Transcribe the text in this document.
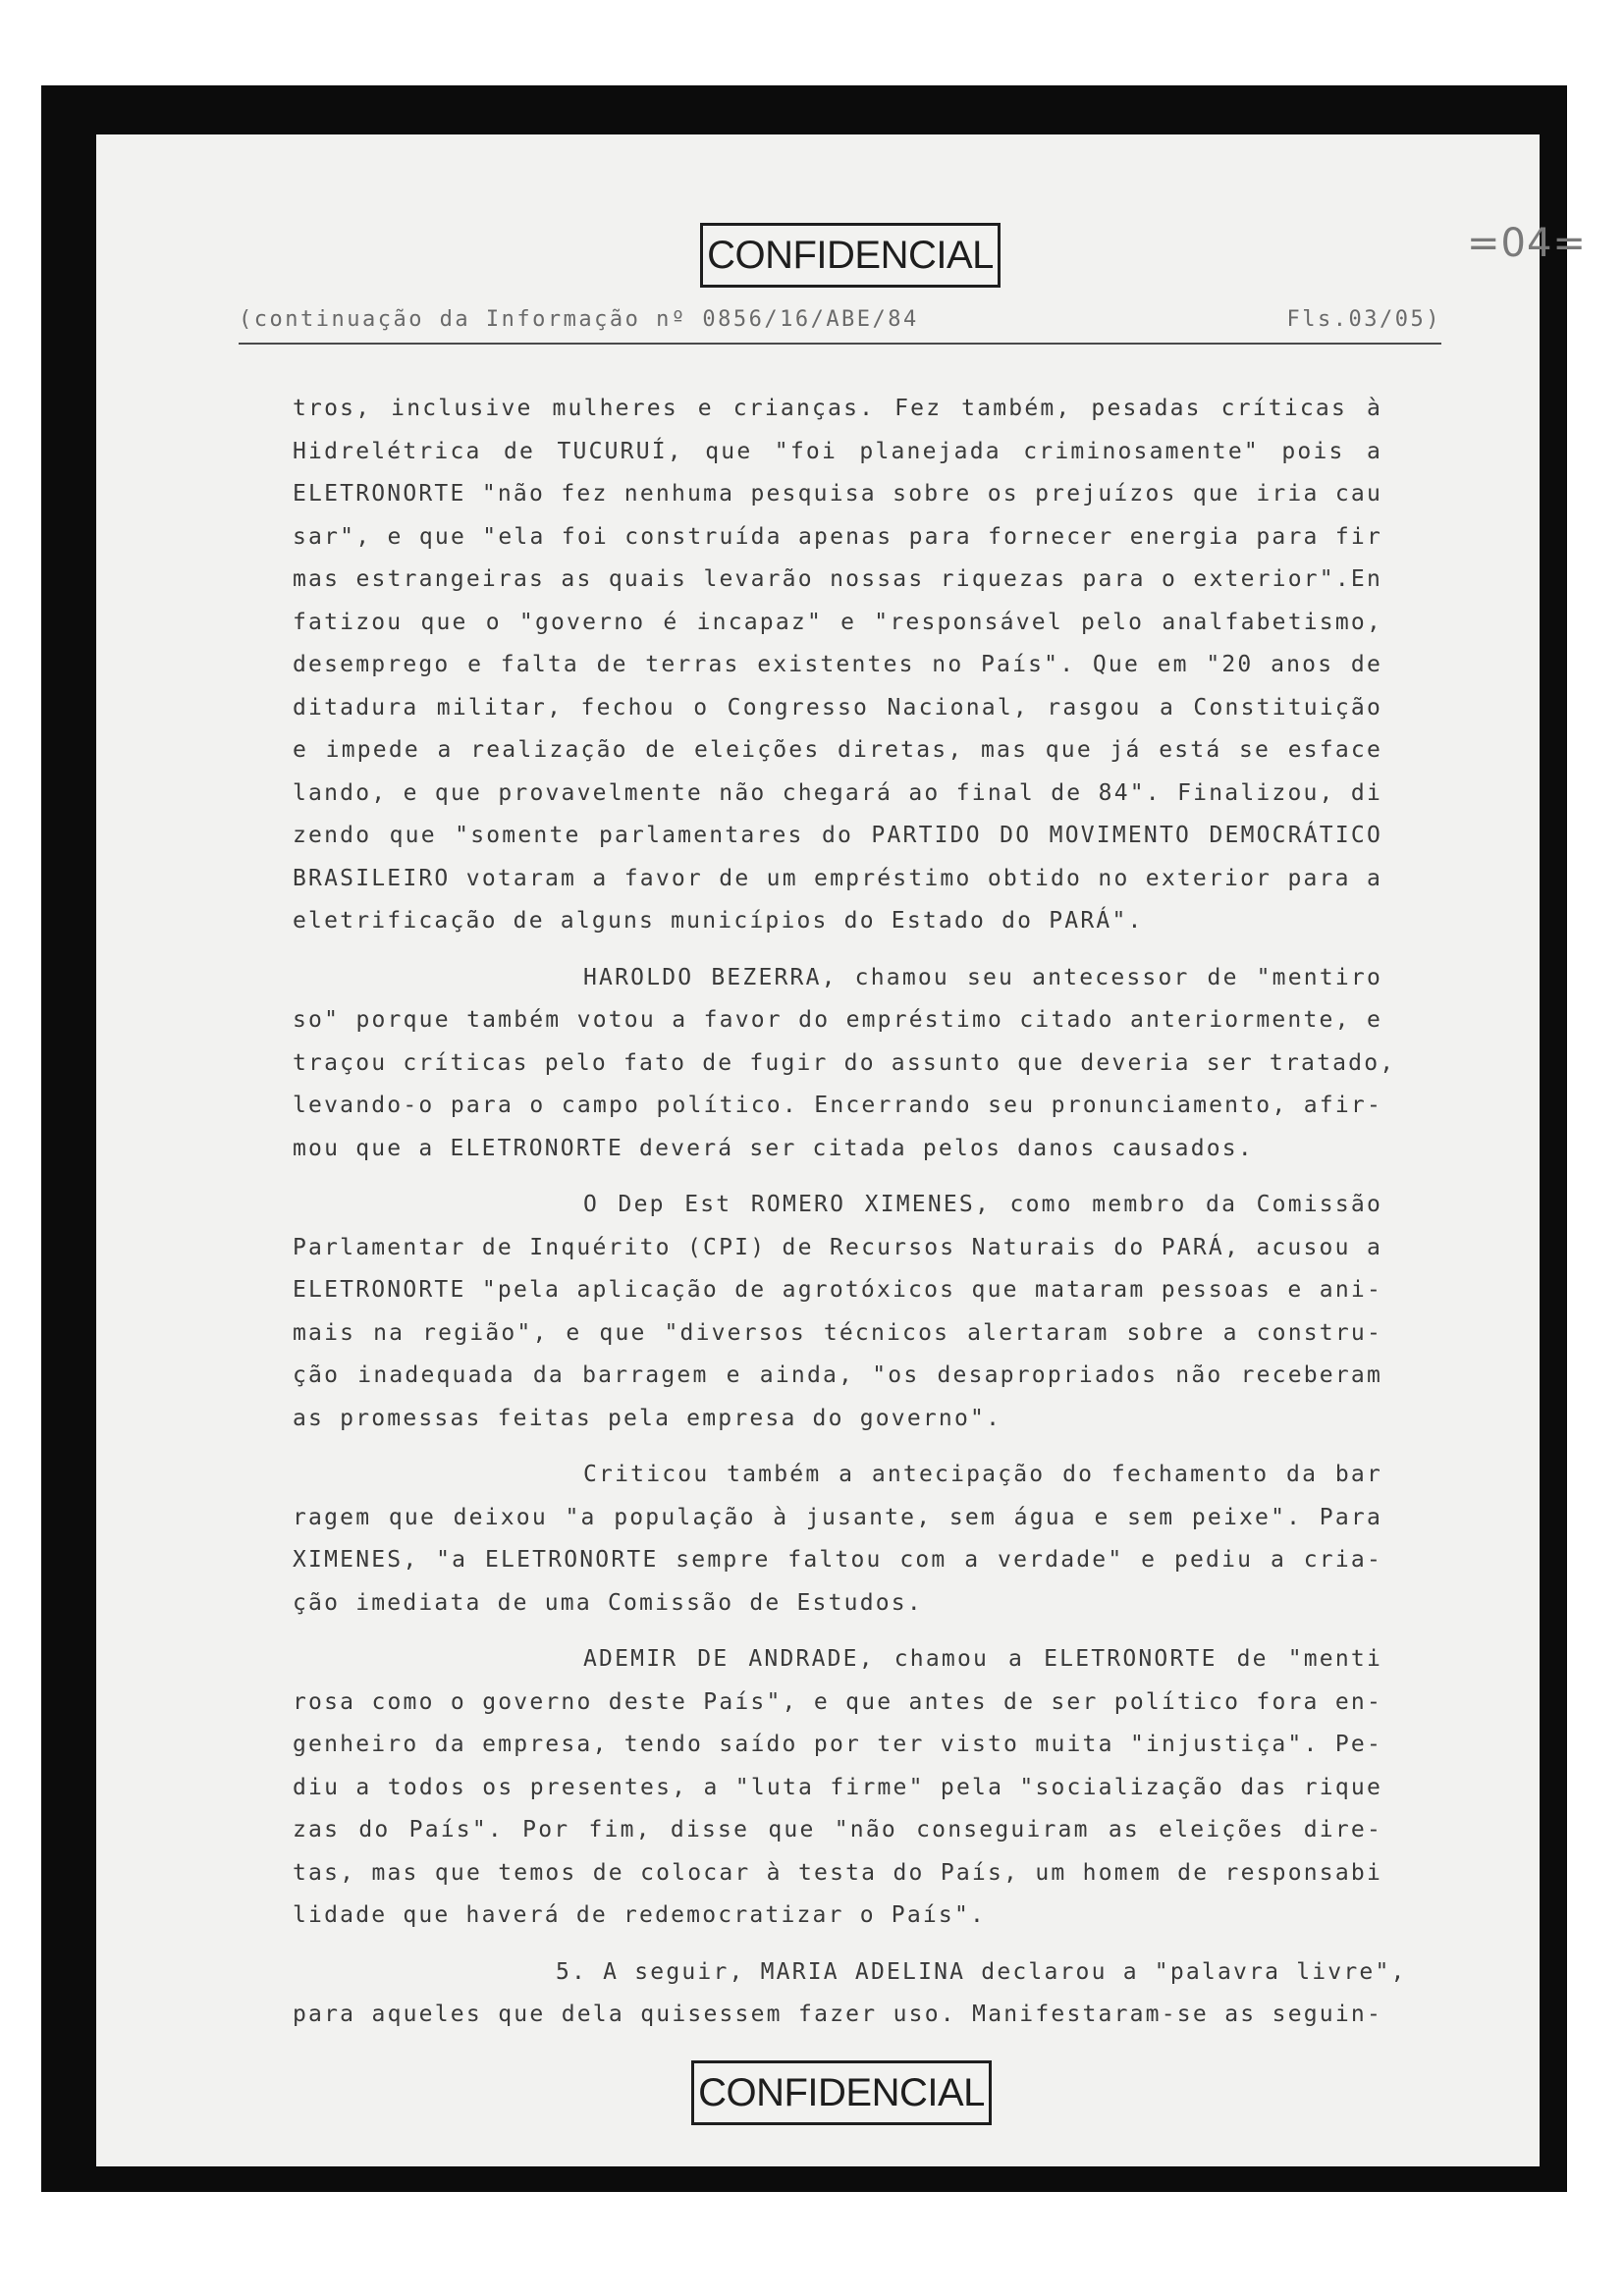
=04=
CONFIDENCIAL
(continuação da Informação nº 0856/16/ABE/84	Fls.03/05)
tros, inclusive mulheres e crianças. Fez também, pesadas críticas à
Hidrelétrica de TUCURUÍ, que "foi planejada criminosamente" pois a
ELETRONORTE "não fez nenhuma pesquisa sobre os prejuízos que iria cau
sar", e que "ela foi construída apenas para fornecer energia para fir
mas estrangeiras as quais levarão nossas riquezas para o exterior".En
fatizou que o "governo é incapaz" e "responsável pelo analfabetismo,
desemprego e falta de terras existentes no País". Que em "20 anos de
ditadura militar, fechou o Congresso Nacional, rasgou a Constituição
e impede a realização de eleições diretas, mas que já está se esface
lando, e que provavelmente não chegará ao final de 84". Finalizou, di
zendo que "somente parlamentares do PARTIDO DO MOVIMENTO DEMOCRÁTICO
BRASILEIRO votaram a favor de um empréstimo obtido no exterior para a
eletrificação de alguns municípios do Estado do PARÁ".
HAROLDO BEZERRA, chamou seu antecessor de "mentiro
so" porque também votou a favor do empréstimo citado anteriormente, e
traçou críticas pelo fato de fugir do assunto que deveria ser tratado,
levando-o para o campo político. Encerrando seu pronunciamento, afir-
mou que a ELETRONORTE deverá ser citada pelos danos causados.
O Dep Est ROMERO XIMENES, como membro da Comissão
Parlamentar de Inquérito (CPI) de Recursos Naturais do PARÁ, acusou a
ELETRONORTE "pela aplicação de agrotóxicos que mataram pessoas e ani-
mais na região", e que "diversos técnicos alertaram sobre a constru-
ção inadequada da barragem e ainda, "os desapropriados não receberam
as promessas feitas pela empresa do governo".
Criticou também a antecipação do fechamento da bar
ragem que deixou "a população à jusante, sem água e sem peixe". Para
XIMENES, "a ELETRONORTE sempre faltou com a verdade" e pediu a cria-
ção imediata de uma Comissão de Estudos.
ADEMIR DE ANDRADE, chamou a ELETRONORTE de "menti
rosa como o governo deste País", e que antes de ser político fora en-
genheiro da empresa, tendo saído por ter visto muita "injustiça". Pe-
diu a todos os presentes, a "luta firme" pela "socialização das rique
zas do País". Por fim, disse que "não conseguiram as eleições dire-
tas, mas que temos de colocar à testa do País, um homem de responsabi
lidade que haverá de redemocratizar o País".
5. A seguir, MARIA ADELINA declarou a "palavra livre",
para aqueles que dela quisessem fazer uso. Manifestaram-se as seguin-
CONFIDENCIAL
